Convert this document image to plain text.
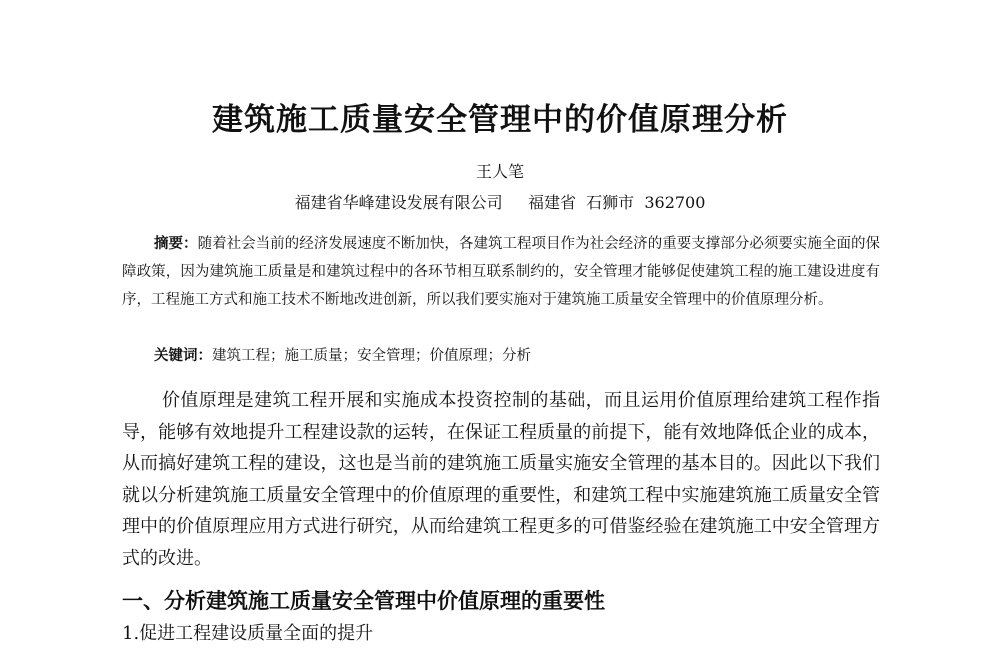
建筑施工质量安全管理中的价值原理分析
王人笔
福建省华峰建设发展有限公司     福建省  石狮市  362700
摘要：随着社会当前的经济发展速度不断加快，各建筑工程项目作为社会经济的重要支撑部分必须要实施全面的保障政策，因为建筑施工质量是和建筑过程中的各环节相互联系制约的，安全管理才能够促使建筑工程的施工建设进度有序，工程施工方式和施工技术不断地改进创新，所以我们要实施对于建筑施工质量安全管理中的价值原理分析。
关键词：建筑工程；施工质量；安全管理；价值原理；分析
价值原理是建筑工程开展和实施成本投资控制的基础，而且运用价值原理给建筑工程作指导，能够有效地提升工程建设款的运转，在保证工程质量的前提下，能有效地降低企业的成本，从而搞好建筑工程的建设，这也是当前的建筑施工质量实施安全管理的基本目的。因此以下我们就以分析建筑施工质量安全管理中的价值原理的重要性，和建筑工程中实施建筑施工质量安全管理中的价值原理应用方式进行研究，从而给建筑工程更多的可借鉴经验在建筑施工中安全管理方式的改进。
一、分析建筑施工质量安全管理中价值原理的重要性
1.促进工程建设质量全面的提升
